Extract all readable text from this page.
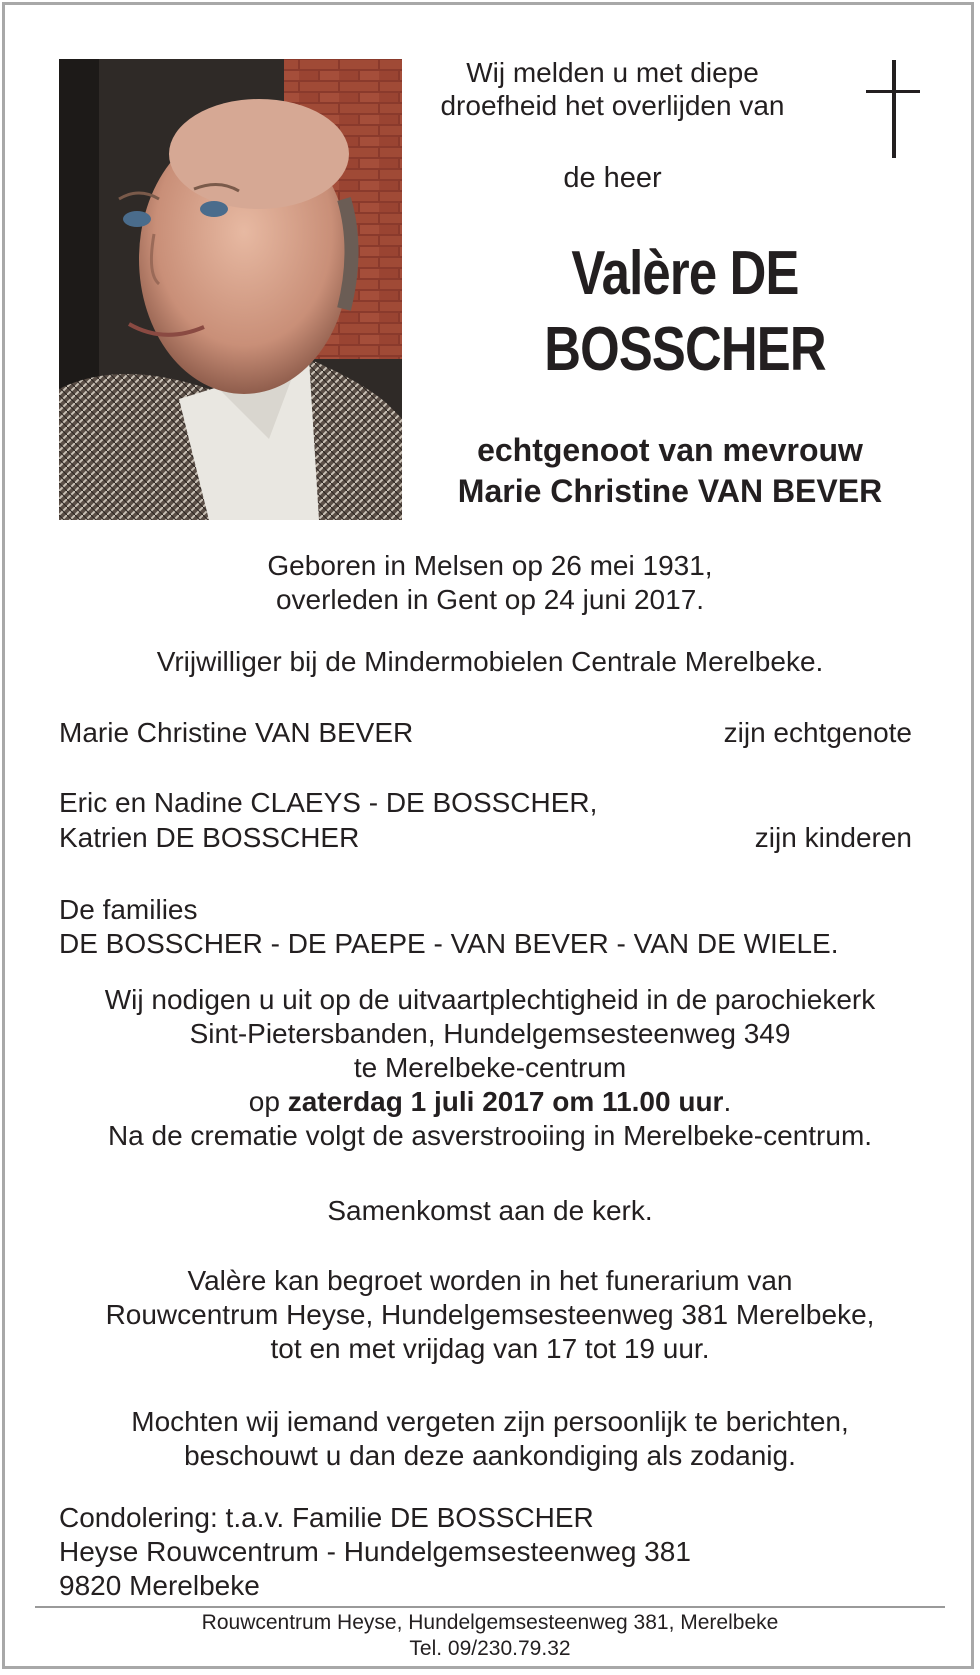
Wij melden u met diepe
droefheid het overlijden van
de heer
Valère DE
BOSSCHER
echtgenoot van mevrouw
Marie Christine VAN BEVER
Geboren in Melsen op 26 mei 1931,
overleden in Gent op 24 juni 2017.
Vrijwilliger bij de Mindermobielen Centrale Merelbeke.
Marie Christine VAN BEVER	zijn echtgenote
Eric en Nadine CLAEYS - DE BOSSCHER,
Katrien DE BOSSCHER	zijn kinderen
De families
DE BOSSCHER - DE PAEPE - VAN BEVER - VAN DE WIELE.
Wij nodigen u uit op de uitvaartplechtigheid in de parochiekerk
Sint-Pietersbanden, Hundelgemsesteenweg 349
te Merelbeke-centrum
op zaterdag 1 juli 2017 om 11.00 uur.
Na de crematie volgt de asverstrooiing in Merelbeke-centrum.
Samenkomst aan de kerk.
Valère kan begroet worden in het funerarium van
Rouwcentrum Heyse, Hundelgemsesteenweg 381 Merelbeke,
tot en met vrijdag van 17 tot 19 uur.
Mochten wij iemand vergeten zijn persoonlijk te berichten,
beschouwt u dan deze aankondiging als zodanig.
Condolering: t.a.v. Familie DE BOSSCHER
Heyse Rouwcentrum - Hundelgemsesteenweg 381
9820 Merelbeke
Rouwcentrum Heyse, Hundelgemsesteenweg 381, Merelbeke
Tel. 09/230.79.32
